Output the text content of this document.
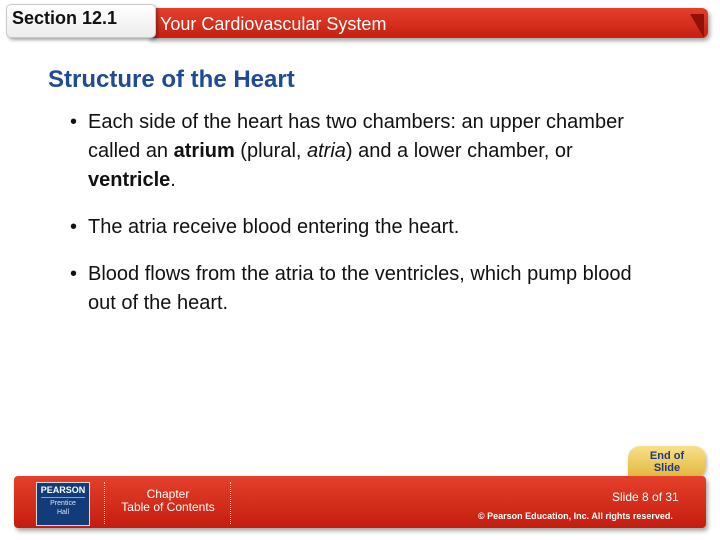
Section 12.1 Your Cardiovascular System
Structure of the Heart
• Each side of the heart has two chambers: an upper chamber called an atrium (plural, atria) and a lower chamber, or ventricle.
• The atria receive blood entering the heart.
• Blood flows from the atria to the ventricles, which pump blood out of the heart.
End of
Slide
PEARSON
Prentice
Hall
Chapter
Table of Contents
Slide 8 of 31
© Pearson Education, Inc. All rights reserved.
